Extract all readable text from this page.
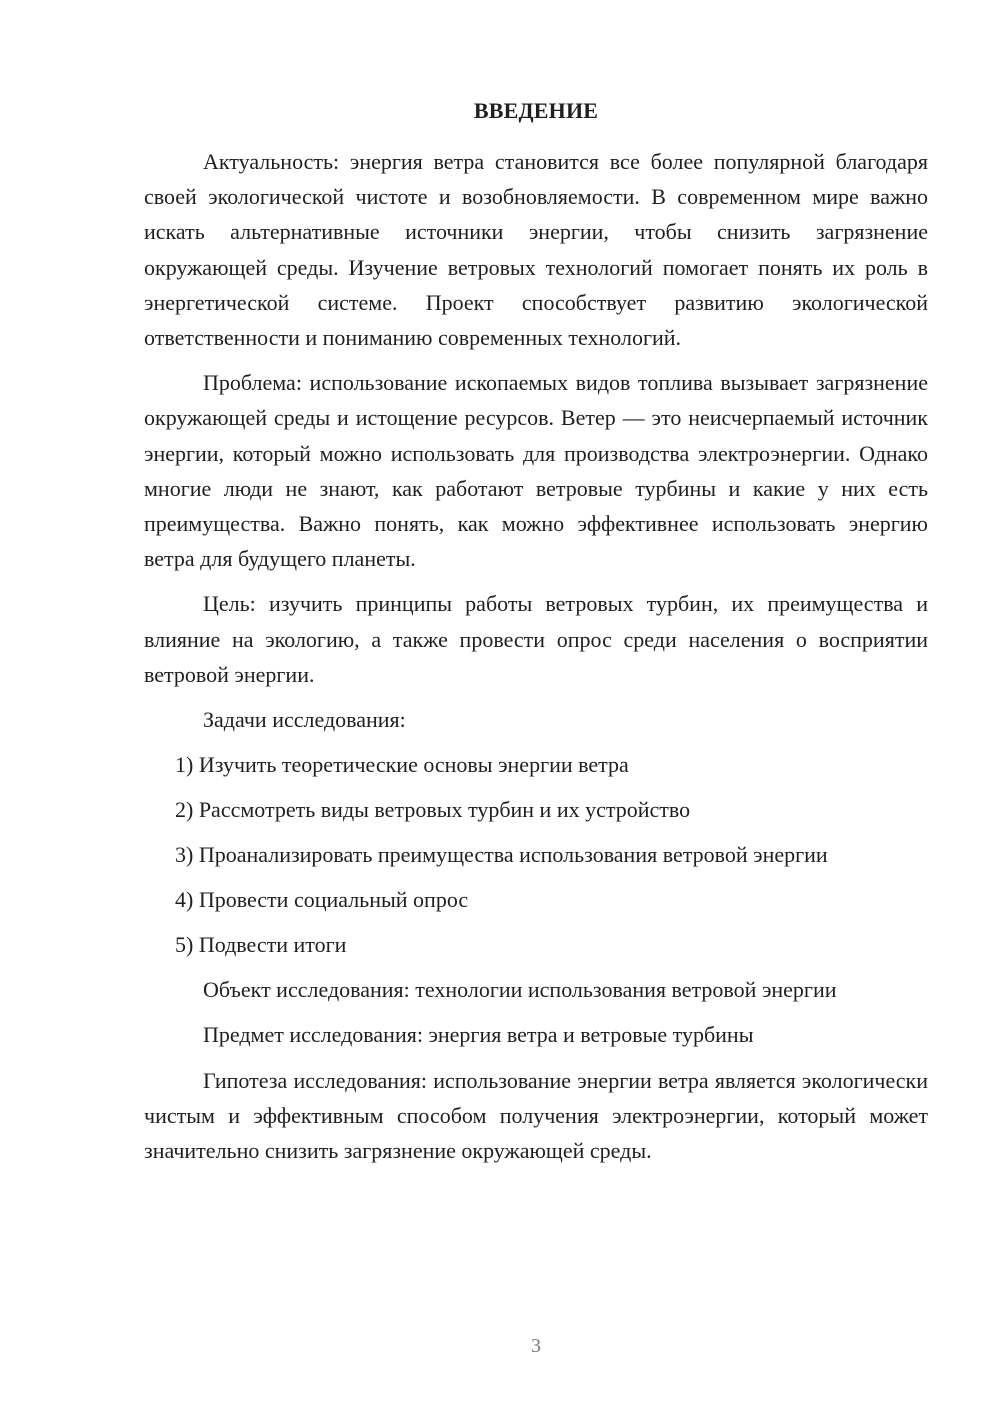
ВВЕДЕНИЕ

Актуальность: энергия ветра становится все более популярной благодаря своей экологической чистоте и возобновляемости. В современном мире важно искать альтернативные источники энергии, чтобы снизить загрязнение окружающей среды. Изучение ветровых технологий помогает понять их роль в энергетической системе. Проект способствует развитию экологической ответственности и пониманию современных технологий.

Проблема: использование ископаемых видов топлива вызывает загрязнение окружающей среды и истощение ресурсов. Ветер — это неисчерпаемый источник энергии, который можно использовать для производства электроэнергии. Однако многие люди не знают, как работают ветровые турбины и какие у них есть преимущества. Важно понять, как можно эффективнее использовать энергию ветра для будущего планеты.

Цель: изучить принципы работы ветровых турбин, их преимущества и влияние на экологию, а также провести опрос среди населения о восприятии ветровой энергии.

Задачи исследования:

1) Изучить теоретические основы энергии ветра
2) Рассмотреть виды ветровых турбин и их устройство
3) Проанализировать преимущества использования ветровой энергии
4) Провести социальный опрос
5) Подвести итоги

Объект исследования: технологии использования ветровой энергии

Предмет исследования: энергия ветра и ветровые турбины

Гипотеза исследования: использование энергии ветра является экологически чистым и эффективным способом получения электроэнергии, который может значительно снизить загрязнение окружающей среды.

3
